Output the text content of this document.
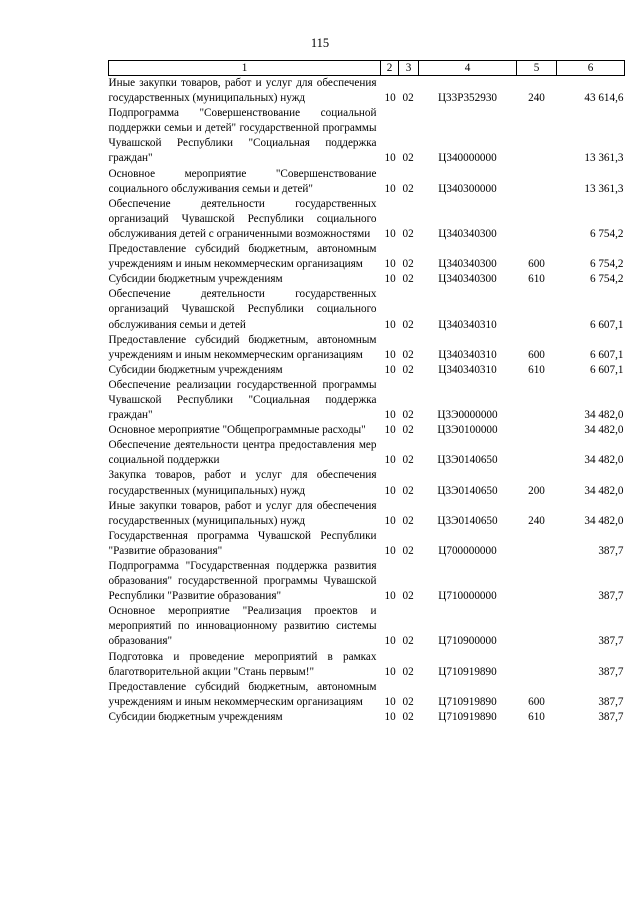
115
1	2	3	4	5	6
Иные закупки товаров, работ и услуг для обеспечения государственных (муниципальных) нужд	10	02	Ц33Р352930	240	43 614,6
Подпрограмма "Совершенствование социальной поддержки семьи и детей" государственной программы Чувашской Республики "Социальная поддержка граждан"	10	02	Ц340000000		13 361,3
Основное мероприятие "Совершенствование социального обслуживания семьи и детей"	10	02	Ц340300000		13 361,3
Обеспечение деятельности государственных организаций Чувашской Республики социального обслуживания детей с ограниченными возможностями	10	02	Ц340340300		6 754,2
Предоставление субсидий бюджетным, автономным учреждениям и иным некоммерческим организациям	10	02	Ц340340300	600	6 754,2
Субсидии бюджетным учреждениям	10	02	Ц340340300	610	6 754,2
Обеспечение деятельности государственных организаций Чувашской Республики социального обслуживания семьи и детей	10	02	Ц340340310		6 607,1
Предоставление субсидий бюджетным, автономным учреждениям и иным некоммерческим организациям	10	02	Ц340340310	600	6 607,1
Субсидии бюджетным учреждениям	10	02	Ц340340310	610	6 607,1
Обеспечение реализации государственной программы Чувашской Республики "Социальная поддержка граждан"	10	02	Ц3Э0000000		34 482,0
Основное мероприятие "Общепрограммные расходы"	10	02	Ц3Э0100000		34 482,0
Обеспечение деятельности центра предоставления мер социальной поддержки	10	02	Ц3Э0140650		34 482,0
Закупка товаров, работ и услуг для обеспечения государственных (муниципальных) нужд	10	02	Ц3Э0140650	200	34 482,0
Иные закупки товаров, работ и услуг для обеспечения государственных (муниципальных) нужд	10	02	Ц3Э0140650	240	34 482,0
Государственная программа Чувашской Республики "Развитие образования"	10	02	Ц700000000		387,7
Подпрограмма "Государственная поддержка развития образования" государственной программы Чувашской Республики "Развитие образования"	10	02	Ц710000000		387,7
Основное мероприятие "Реализация проектов и мероприятий по инновационному развитию системы образования"	10	02	Ц710900000		387,7
Подготовка и проведение мероприятий в рамках благотворительной акции "Стань первым!"	10	02	Ц710919890		387,7
Предоставление субсидий бюджетным, автономным учреждениям и иным некоммерческим организациям	10	02	Ц710919890	600	387,7
Субсидии бюджетным учреждениям	10	02	Ц710919890	610	387,7
